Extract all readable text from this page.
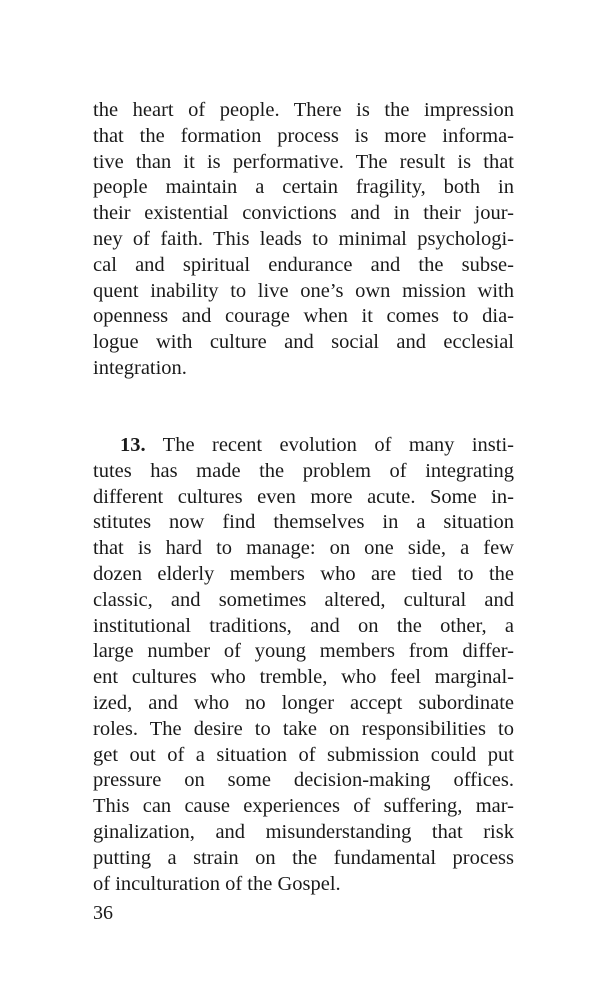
the heart of people. There is the impression
that the formation process is more informa-
tive than it is performative. The result is that
people maintain a certain fragility, both in
their existential convictions and in their jour-
ney of faith. This leads to minimal psychologi-
cal and spiritual endurance and the subse-
quent inability to live one’s own mission with
openness and courage when it comes to dia-
logue with culture and social and ecclesial
integration.
13. The recent evolution of many insti-
tutes has made the problem of integrating
different cultures even more acute. Some in-
stitutes now find themselves in a situation
that is hard to manage: on one side, a few
dozen elderly members who are tied to the
classic, and sometimes altered, cultural and
institutional traditions, and on the other, a
large number of young members from differ-
ent cultures who tremble, who feel marginal-
ized, and who no longer accept subordinate
roles. The desire to take on responsibilities to
get out of a situation of submission could put
pressure on some decision-making offices.
This can cause experiences of suffering, mar-
ginalization, and misunderstanding that risk
putting a strain on the fundamental process
of inculturation of the Gospel.
36
